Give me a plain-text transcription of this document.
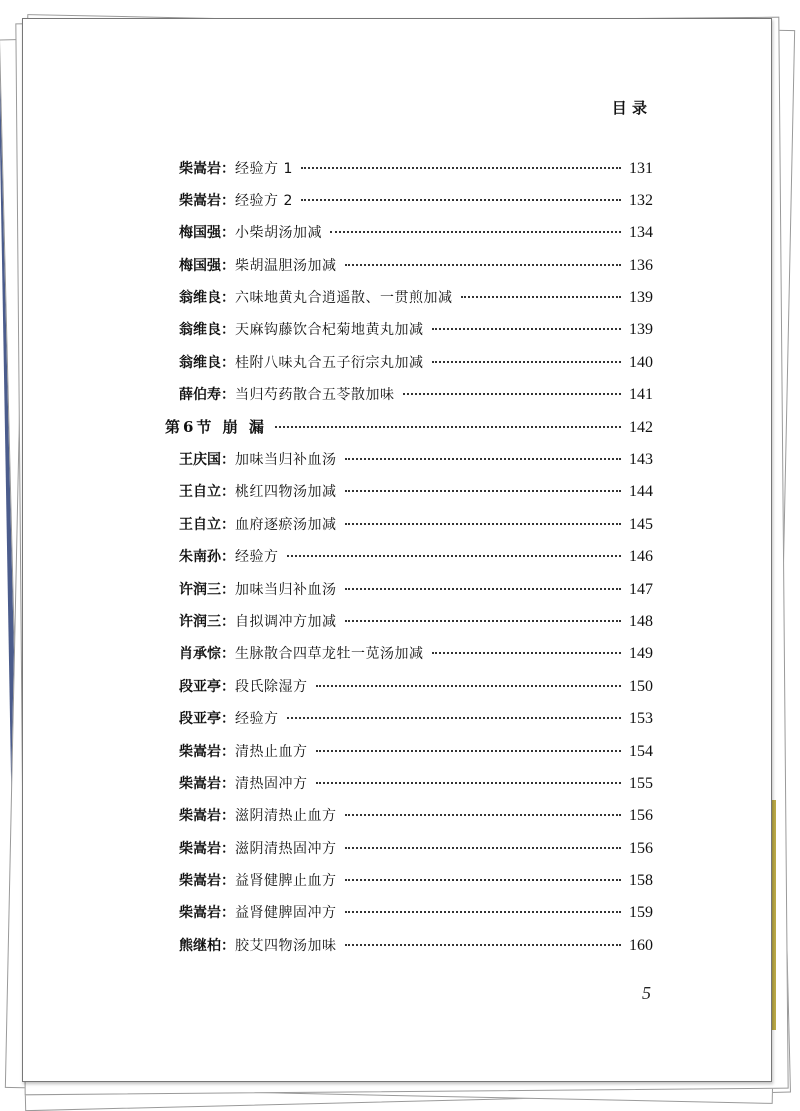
目 录
柴嵩岩： 经验方 1	131
柴嵩岩： 经验方 2	132
梅国强： 小柴胡汤加减	134
梅国强： 柴胡温胆汤加减	136
翁维良： 六味地黄丸合逍遥散、一贯煎加减	139
翁维良： 天麻钩藤饮合杞菊地黄丸加减	139
翁维良： 桂附八味丸合五子衍宗丸加减	140
薛伯寿： 当归芍药散合五苓散加味	141
第6节 崩 漏	142
王庆国： 加味当归补血汤	143
王自立： 桃红四物汤加减	144
王自立： 血府逐瘀汤加减	145
朱南孙： 经验方	146
许润三： 加味当归补血汤	147
许润三： 自拟调冲方加减	148
肖承悰： 生脉散合四草龙牡一苋汤加减	149
段亚亭： 段氏除湿方	150
段亚亭： 经验方	153
柴嵩岩： 清热止血方	154
柴嵩岩： 清热固冲方	155
柴嵩岩： 滋阴清热止血方	156
柴嵩岩： 滋阴清热固冲方	156
柴嵩岩： 益肾健脾止血方	158
柴嵩岩： 益肾健脾固冲方	159
熊继柏： 胶艾四物汤加味	160
5
